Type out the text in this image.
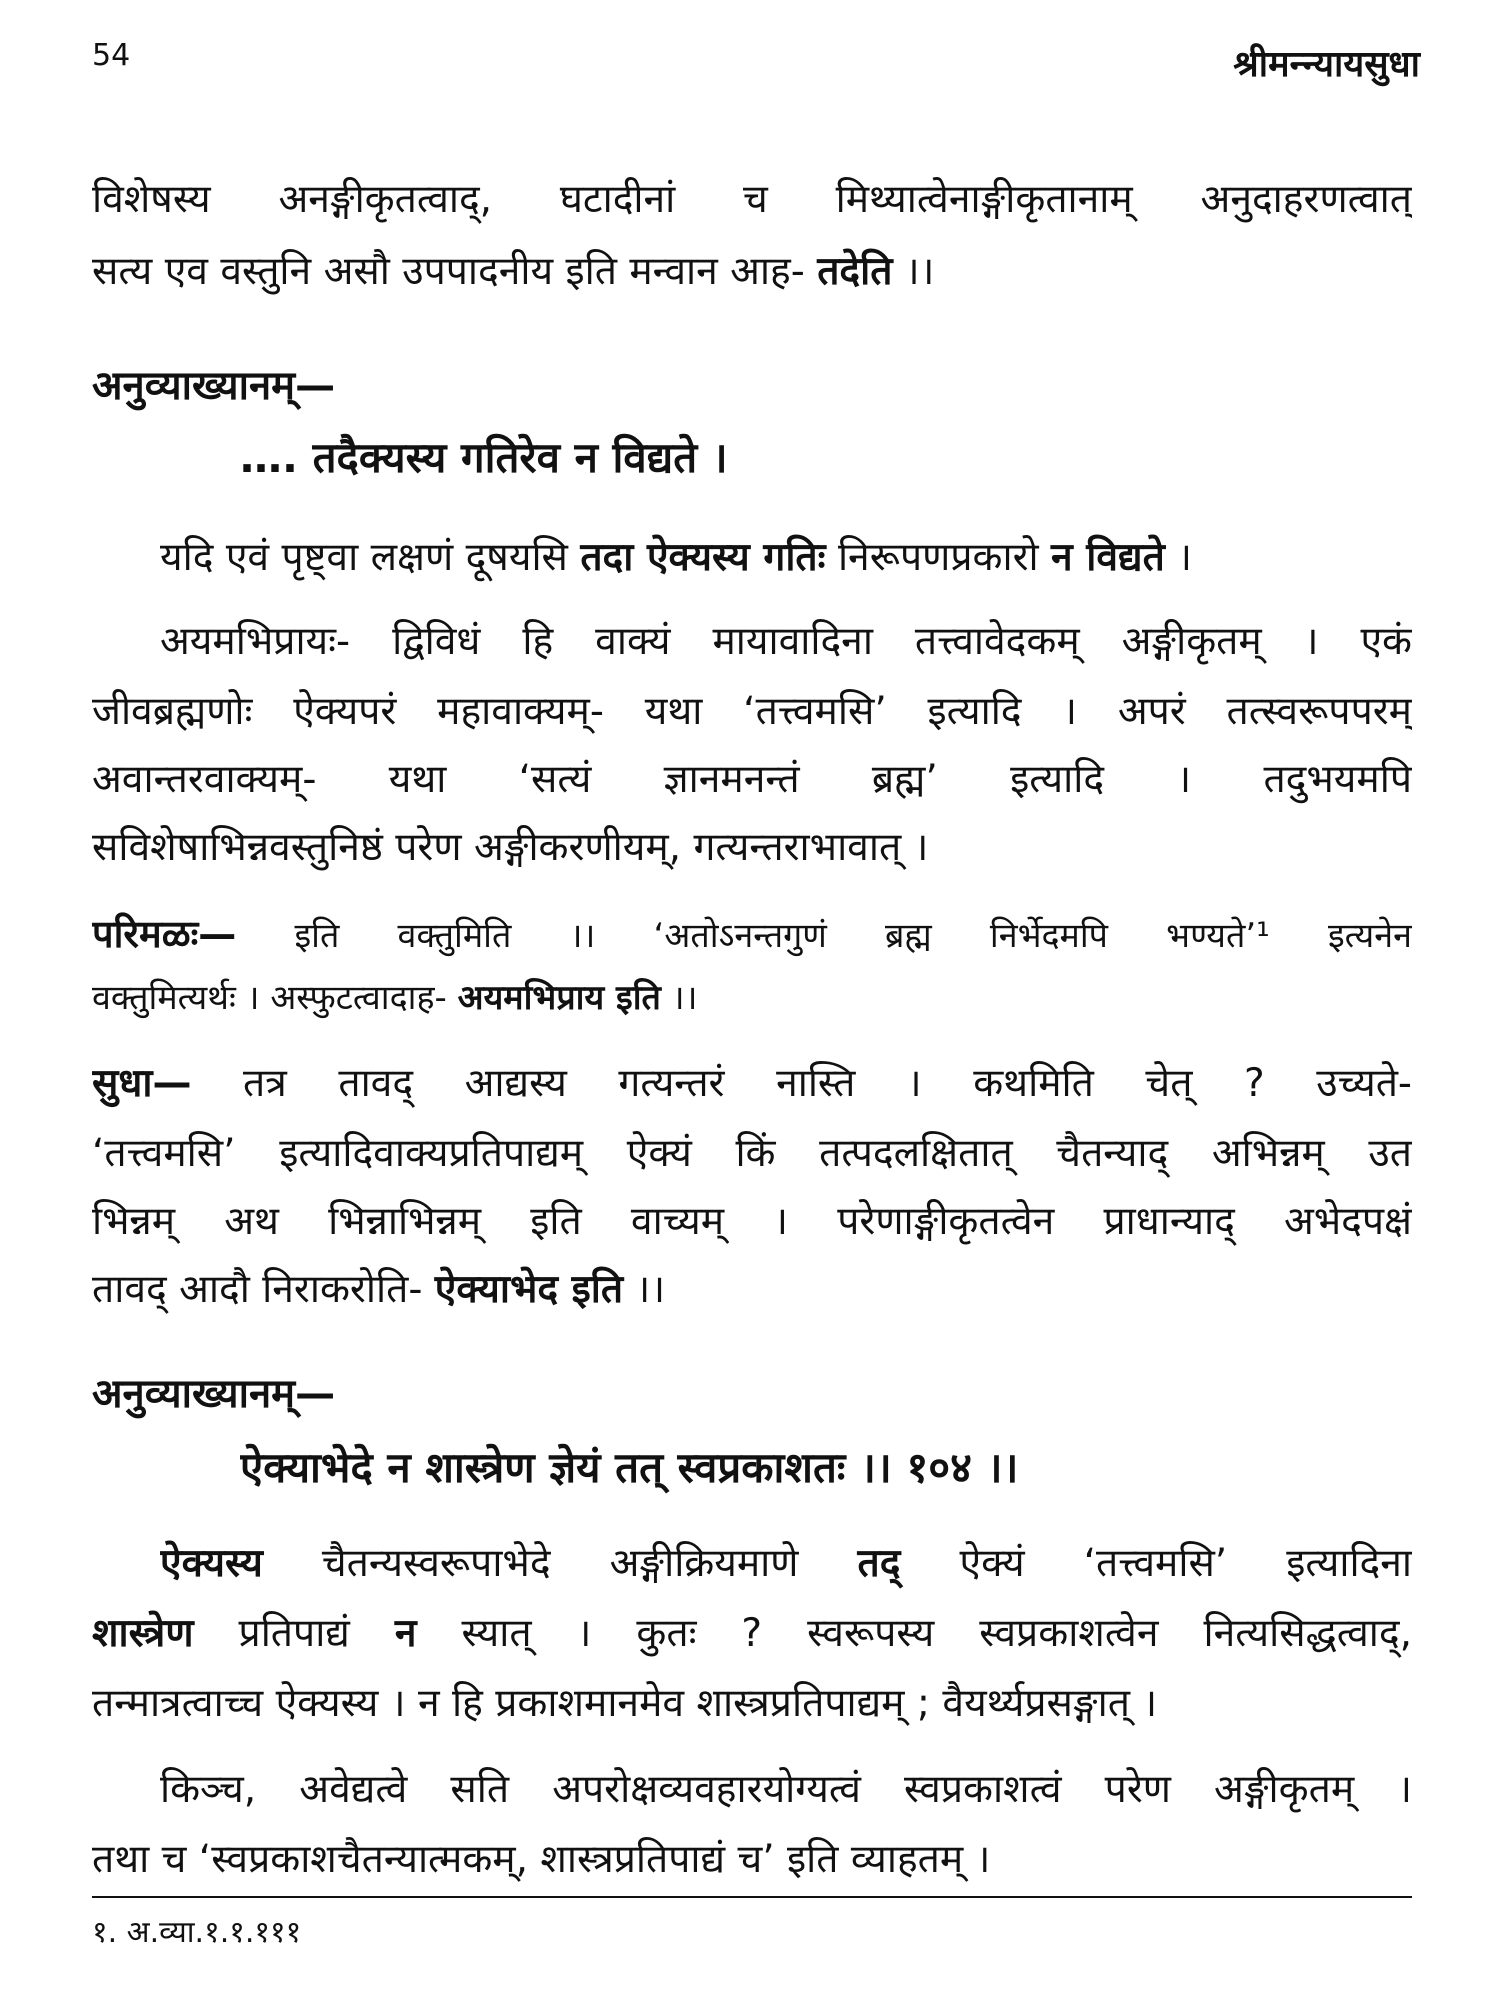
54	श्रीमन्न्यायसुधा
विशेषस्य अनङ्गीकृतत्वाद्, घटादीनां च मिथ्यात्वेनाङ्गीकृतानाम् अनुदाहरणत्वात्
सत्य एव वस्तुनि असौ उपपादनीय इति मन्वान आह- तदेति ।।
अनुव्याख्यानम्—
…. तदैक्यस्य गतिरेव न विद्यते ।
यदि एवं पृष्ट्वा लक्षणं दूषयसि तदा ऐक्यस्य गतिः निरूपणप्रकारो न विद्यते ।
अयमभिप्रायः- द्विविधं हि वाक्यं मायावादिना तत्त्वावेदकम् अङ्गीकृतम् । एकं
जीवब्रह्मणोः ऐक्यपरं महावाक्यम्- यथा ‘तत्त्वमसि’ इत्यादि । अपरं तत्स्वरूपपरम्
अवान्तरवाक्यम्- यथा ‘सत्यं ज्ञानमनन्तं ब्रह्म’ इत्यादि । तदुभयमपि
सविशेषाभिन्नवस्तुनिष्ठं परेण अङ्गीकरणीयम्, गत्यन्तराभावात् ।
परिमळः— इति वक्तुमिति ।। ‘अतोऽनन्तगुणं ब्रह्म निर्भेदमपि भण्यते’¹ इत्यनेन
वक्तुमित्यर्थः । अस्फुटत्वादाह- अयमभिप्राय इति ।।
सुधा— तत्र तावद् आद्यस्य गत्यन्तरं नास्ति । कथमिति चेत् ? उच्यते-
‘तत्त्वमसि’ इत्यादिवाक्यप्रतिपाद्यम् ऐक्यं किं तत्पदलक्षितात् चैतन्याद् अभिन्नम् उत
भिन्नम् अथ भिन्नाभिन्नम् इति वाच्यम् । परेणाङ्गीकृतत्वेन प्राधान्याद् अभेदपक्षं
तावद् आदौ निराकरोति- ऐक्याभेद इति ।।
अनुव्याख्यानम्—
ऐक्याभेदे न शास्त्रेण ज्ञेयं तत् स्वप्रकाशतः ।। १०४ ।।
ऐक्यस्य चैतन्यस्वरूपाभेदे अङ्गीक्रियमाणे तद् ऐक्यं ‘तत्त्वमसि’ इत्यादिना
शास्त्रेण प्रतिपाद्यं न स्यात् । कुतः ? स्वरूपस्य स्वप्रकाशत्वेन नित्यसिद्धत्वाद्,
तन्मात्रत्वाच्च ऐक्यस्य । न हि प्रकाशमानमेव शास्त्रप्रतिपाद्यम् ; वैयर्थ्यप्रसङ्गात् ।
किञ्च, अवेद्यत्वे सति अपरोक्षव्यवहारयोग्यत्वं स्वप्रकाशत्वं परेण अङ्गीकृतम् ।
तथा च ‘स्वप्रकाशचैतन्यात्मकम्, शास्त्रप्रतिपाद्यं च’ इति व्याहतम् ।
१. अ.व्या.१.१.१११
